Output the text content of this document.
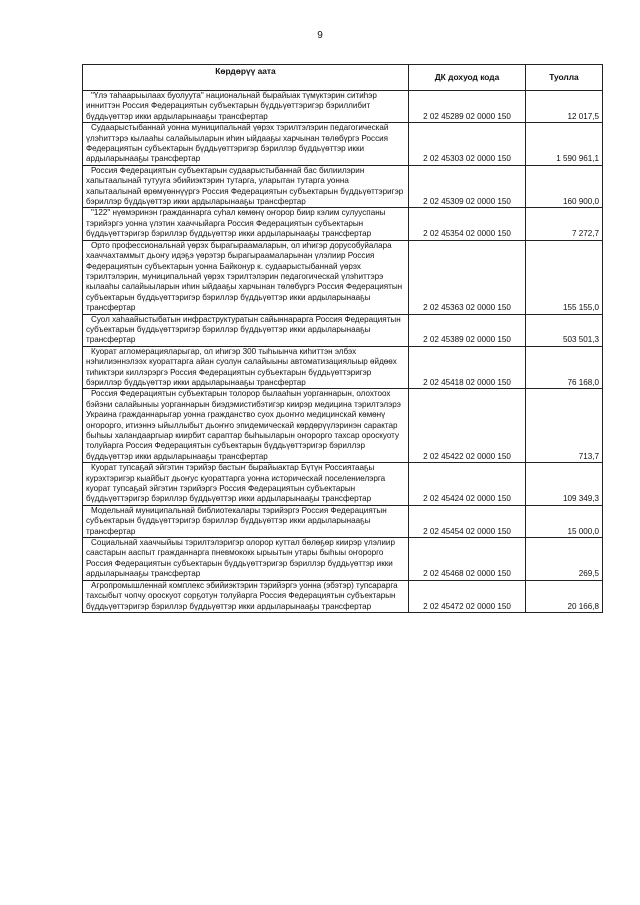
9
Көрдөрүү аата	ДК дохуод кода	Туолла
"Үлэ таһаарыылаах буолуута" национальнай бырайыак түмүктэрин ситиһэр инниттэн Россия Федерациятын субъектарын бүддьүөттэригэр бэриллибит бүддьүөттэр икки ардыларынааҕы трансфертар	2 02 45289 02 0000 150	12 017,5
Судаарыстыбаннай уонна муниципальнай үөрэх тэрилтэлэрин педагогическай үлэһиттэрэ кылааһы салайыыларын иһин ыйдааҕы харчынан төлөбүргэ Россия Федерациятын субъектарын бүддьүөттэригэр бэриллэр бүддьүөттэр икки ардыларынааҕы трансфертар	2 02 45303 02 0000 150	1 590 961,1
Россия Федерациятын субъектарын судаарыстыбаннай бас билиилэрин хапытаалынай тутууга эбийиэктэрин тутарга, уларытан тутарга уонна хапытаалынай өрөмүөннүүргэ Россия Федерациятын субъектарын бүддьүөттэригэр бэриллэр бүддьүөттэр икки ардыларынааҕы трансфертар	2 02 45309 02 0000 150	160 900,0
"122" нүөмэринэн гражданнарга суһал көмөнү оҥорор биир кэлим сулууспаны тэрийэргэ уонна үлэтин хааччыйарга Россия Федерациятын субъектарын бүддьүөттэригэр бэриллэр бүддьүөттэр икки ардыларынааҕы трансфертар	2 02 45354 02 0000 150	7 272,7
Орто профессиональнай үөрэх бырагыраамаларын, ол иһигэр дорусобуйалара хааччахтаммыт дьоҥу идэҕэ үөрэтэр бырагыраамаларынан үлэлиир Россия Федерациятын субъектарын уонна Байконур к. судаарыстыбаннай үөрэх тэрилтэлэрин, муниципальнай үөрэх тэрилтэлэрин педагогическай үлэһиттэрэ кылааһы салайыыларын иһин ыйдааҕы харчынан төлөбүргэ Россия Федерациятын субъектарын бүддьүөттэригэр бэриллэр бүддьүөттэр икки ардыларынааҕы трансфертар	2 02 45363 02 0000 150	155 155,0
Суол хаһаайыстыбатын инфраструктуратын сайыннарарга Россия Федерациятын субъектарын бүддьүөттэригэр бэриллэр бүддьүөттэр икки ардыларынааҕы трансфертар	2 02 45389 02 0000 150	503 501,3
Куорат агломерацияларыгар, ол иһигэр 300 тыһыынча киһиттэн элбэх нэһилиэннэлээх куораттарга айан суолун салайыыны автоматизациялыыр өйдөөх тиһиктэри киллэрэргэ Россия Федерациятын субъектарын бүддьүөттэригэр бэриллэр бүддьүөттэр икки ардыларынааҕы трансфертар	2 02 45418 02 0000 150	76 168,0
Россия Федерациятын субъектарын толорор былааһын уорганнарын, олохтоох бэйэни салайыныы уорганнарын биэдэмистибэтигэр киирэр медицина тэрилтэлэрэ Украина гражданнарыгар уонна гражданство суох дьоҥҥо медицинскай көмөнү оҥорорго, итиэннэ ыйыллыбыт дьоҥҥо эпидемическай көрдөрүүлэринэн сарактар быһыы халандааргыар киирбит сараптар быһыыларын оҥорорго тахсар ороскуоту толуйарга Россия Федерациятын субъектарын бүддьүөттэригэр бэриллэр бүддьүөттэр икки ардыларынааҕы трансфертар	2 02 45422 02 0000 150	713,7
Куорат тупсаҕай эйгэтин тэрийэр бастыҥ бырайыактар Бүтүн Россиятааҕы курэхтэригэр кыайбыт дьоҥус куораттарга уонна историческай поселениелэрга куорат тупсаҕай эйгэтин тэрийэргэ Россия Федерациятын субъектарын бүддьүөттэригэр бэриллэр бүддьүөттэр икки ардыларынааҕы трансфертар	2 02 45424 02 0000 150	109 349,3
Модельнай муниципальнай библиотекалары тэрийэргэ Россия Федерациятын субъектарын бүддьүөттэригэр бэриллэр бүддьүөттэр икки ардыларынааҕы трансфертар	2 02 45454 02 0000 150	15 000,0
Социальнай хааччыйыы тэрилтэлэригэр олорор куттал бөлөҕөр киирэр үлэлиир саастарын ааспыт гражданнарга пневмококк ырыытын утары быһыы оҥорорго Россия Федерациятын субъектарын бүддьүөттэригэр бэриллэр бүддьүөттэр икки ардыларынааҕы трансфертар	2 02 45468 02 0000 150	269,5
Агропромышленнай комплекс эбийиэктэрин тэрийэргэ уонна (эбэтэр) тупсарарга тахсыбыт чопчу ороскуот сорҕотун толуйарга Россия Федерациятын субъектарын бүддьүөттэригэр бэриллэр бүддьүөттэр икки ардыларынааҕы трансфертар	2 02 45472 02 0000 150	20 166,8
